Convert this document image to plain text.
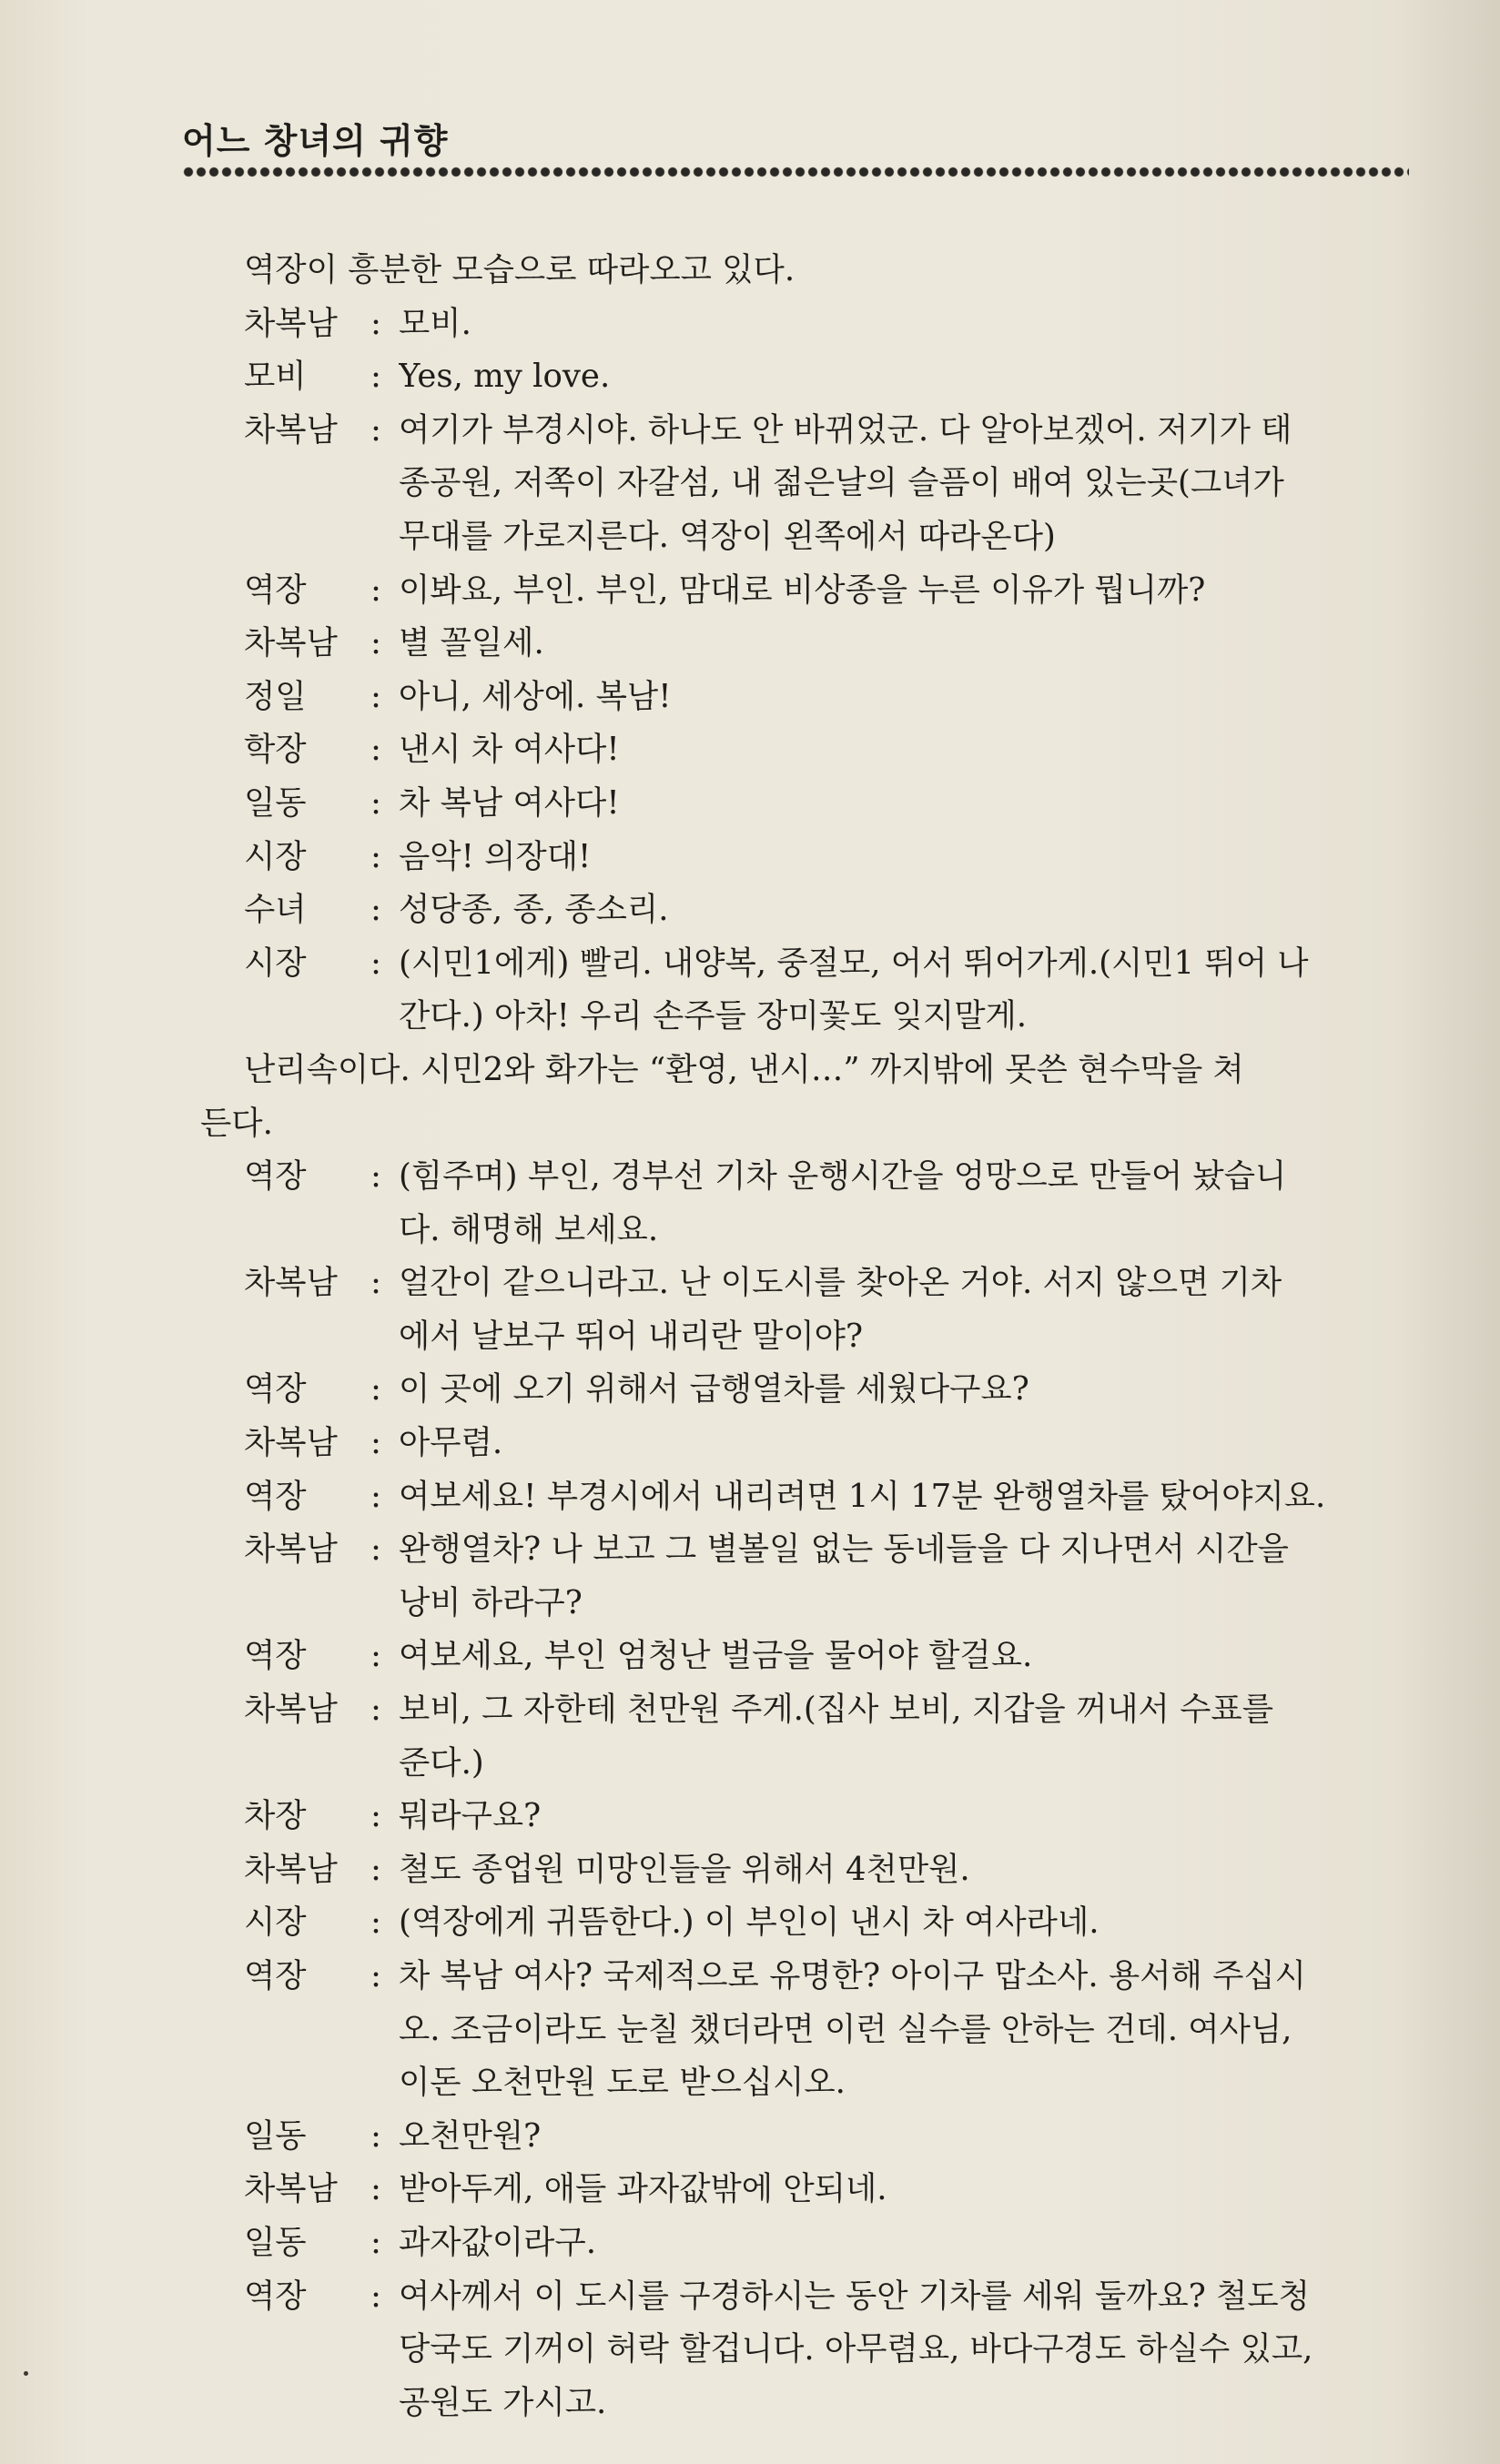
어느 창녀의 귀향
역장이 흥분한 모습으로 따라오고 있다.
차복남	: 모비.
모비	: Yes, my love.
차복남	: 여기가 부경시야. 하나도 안 바뀌었군. 다 알아보겠어. 저기가 태
종공원, 저쪽이 자갈섬, 내 젊은날의 슬픔이 배여 있는곳(그녀가
무대를 가로지른다. 역장이 왼쪽에서 따라온다)
역장	: 이봐요, 부인. 부인, 맘대로 비상종을 누른 이유가 뭡니까?
차복남	: 별 꼴일세.
정일	: 아니, 세상에. 복남!
학장	: 낸시 차 여사다!
일동	: 차 복남 여사다!
시장	: 음악! 의장대!
수녀	: 성당종, 종, 종소리.
시장	: (시민1에게) 빨리. 내양복, 중절모, 어서 뛰어가게.(시민1 뛰어 나
간다.) 아차! 우리 손주들 장미꽃도 잊지말게.
난리속이다. 시민2와 화가는 “환영, 낸시…” 까지밖에 못쓴 현수막을 쳐
든다.
역장	: (힘주며) 부인, 경부선 기차 운행시간을 엉망으로 만들어 놨습니
다. 해명해 보세요.
차복남	: 얼간이 같으니라고. 난 이도시를 찾아온 거야. 서지 않으면 기차
에서 날보구 뛰어 내리란 말이야?
역장	: 이 곳에 오기 위해서 급행열차를 세웠다구요?
차복남	: 아무렴.
역장	: 여보세요! 부경시에서 내리려면 1시 17분 완행열차를 탔어야지요.
차복남	: 완행열차? 나 보고 그 별볼일 없는 동네들을 다 지나면서 시간을
낭비 하라구?
역장	: 여보세요, 부인 엄청난 벌금을 물어야 할걸요.
차복남	: 보비, 그 자한테 천만원 주게.(집사 보비, 지갑을 꺼내서 수표를
준다.)
차장	: 뭐라구요?
차복남	: 철도 종업원 미망인들을 위해서 4천만원.
시장	: (역장에게 귀뜸한다.) 이 부인이 낸시 차 여사라네.
역장	: 차 복남 여사? 국제적으로 유명한? 아이구 맙소사. 용서해 주십시
오. 조금이라도 눈칠 챘더라면 이런 실수를 안하는 건데. 여사님,
이돈 오천만원 도로 받으십시오.
일동	: 오천만원?
차복남	: 받아두게, 애들 과자값밖에 안되네.
일동	: 과자값이라구.
역장	: 여사께서 이 도시를 구경하시는 동안 기차를 세워 둘까요? 철도청
당국도 기꺼이 허락 할겁니다. 아무렴요, 바다구경도 하실수 있고,
공원도 가시고.
